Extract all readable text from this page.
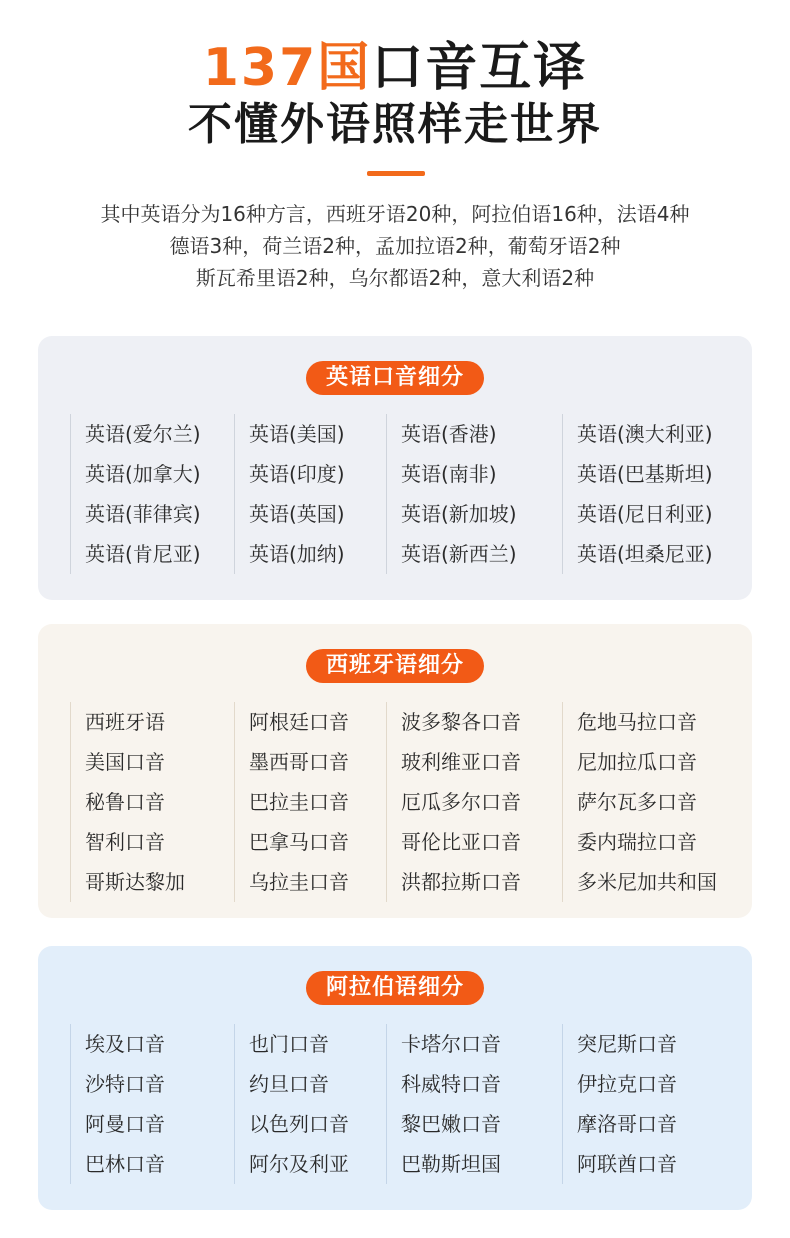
137国口音互译
不懂外语照样走世界
其中英语分为16种方言，西班牙语20种，阿拉伯语16种，法语4种
德语3种，荷兰语2种，孟加拉语2种，葡萄牙语2种
斯瓦希里语2种，乌尔都语2种，意大利语2种
英语口音细分
英语(爱尔兰)
英语(加拿大)
英语(菲律宾)
英语(肯尼亚)
英语(美国)
英语(印度)
英语(英国)
英语(加纳)
英语(香港)
英语(南非)
英语(新加坡)
英语(新西兰)
英语(澳大利亚)
英语(巴基斯坦)
英语(尼日利亚)
英语(坦桑尼亚)
西班牙语细分
西班牙语
美国口音
秘鲁口音
智利口音
哥斯达黎加
阿根廷口音
墨西哥口音
巴拉圭口音
巴拿马口音
乌拉圭口音
波多黎各口音
玻利维亚口音
厄瓜多尔口音
哥伦比亚口音
洪都拉斯口音
危地马拉口音
尼加拉瓜口音
萨尔瓦多口音
委内瑞拉口音
多米尼加共和国
阿拉伯语细分
埃及口音
沙特口音
阿曼口音
巴林口音
也门口音
约旦口音
以色列口音
阿尔及利亚
卡塔尔口音
科威特口音
黎巴嫩口音
巴勒斯坦国
突尼斯口音
伊拉克口音
摩洛哥口音
阿联酋口音
